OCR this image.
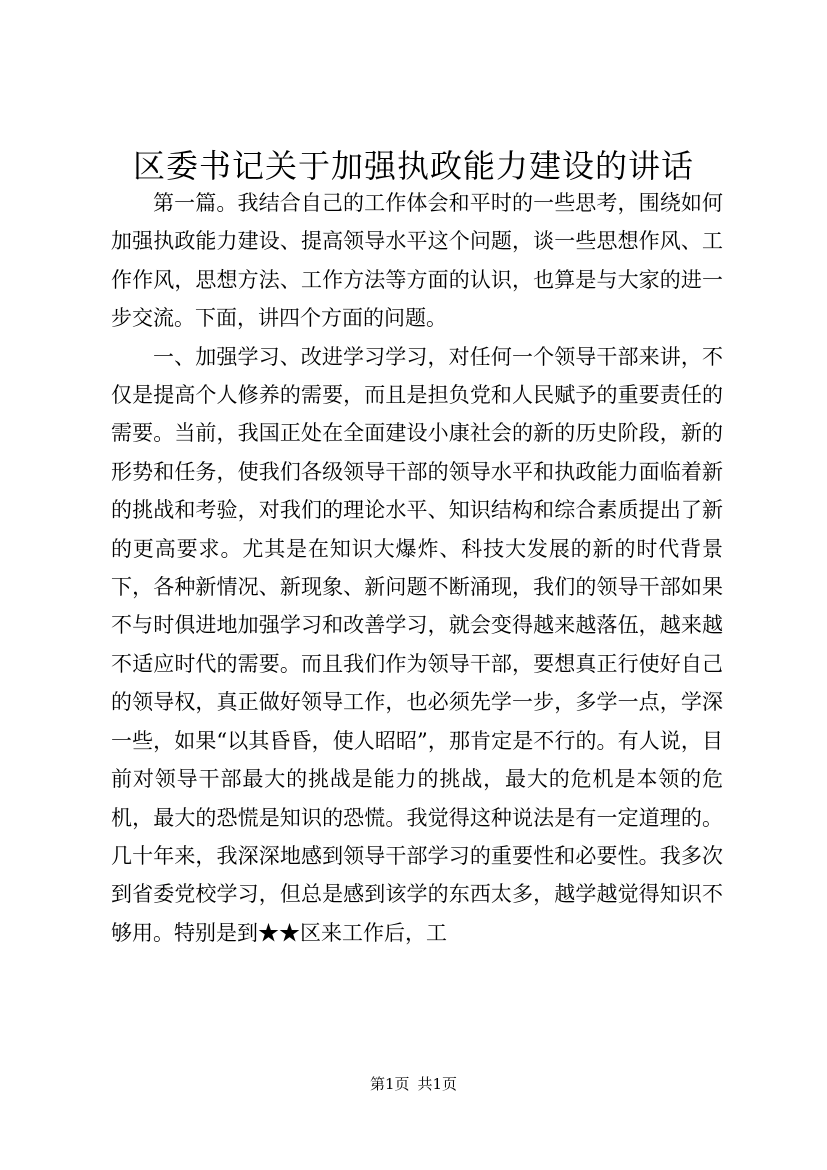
区委书记关于加强执政能力建设的讲话

第一篇。我结合自己的工作体会和平时的一些思考，围绕如何加强执政能力建设、提高领导水平这个问题，谈一些思想作风、工作作风，思想方法、工作方法等方面的认识，也算是与大家的进一步交流。下面，讲四个方面的问题。

一、加强学习、改进学习学习，对任何一个领导干部来讲，不仅是提高个人修养的需要，而且是担负党和人民赋予的重要责任的需要。当前，我国正处在全面建设小康社会的新的历史阶段，新的形势和任务，使我们各级领导干部的领导水平和执政能力面临着新的挑战和考验，对我们的理论水平、知识结构和综合素质提出了新的更高要求。尤其是在知识大爆炸、科技大发展的新的时代背景下，各种新情况、新现象、新问题不断涌现，我们的领导干部如果不与时俱进地加强学习和改善学习，就会变得越来越落伍，越来越不适应时代的需要。而且我们作为领导干部，要想真正行使好自己的领导权，真正做好领导工作，也必须先学一步，多学一点，学深一些，如果“以其昏昏，使人昭昭”，那肯定是不行的。有人说，目前对领导干部最大的挑战是能力的挑战，最大的危机是本领的危机，最大的恐慌是知识的恐慌。我觉得这种说法是有一定道理的。几十年来，我深深地感到领导干部学习的重要性和必要性。我多次到省委党校学习，但总是感到该学的东西太多，越学越觉得知识不够用。特别是到★★区来工作后，工

第1页 共1页
